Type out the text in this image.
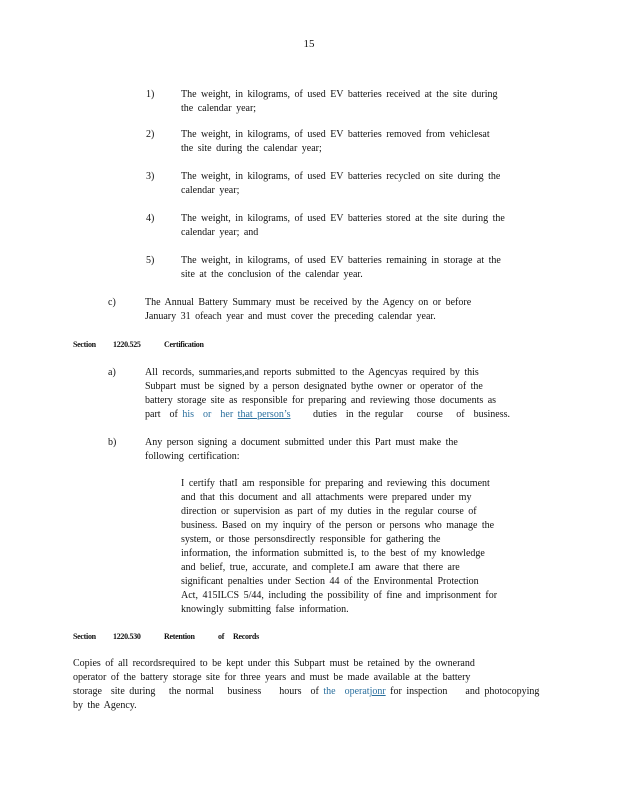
15
1)	The weight, in kilograms, of used EV batteries received at the site during
the calendar year;
2)	The weight, in kilograms, of used EV batteries removed from vehiclesat
the site during the calendar year;
3)	The weight, in kilograms, of used EV batteries recycled on site during the
calendar year;
4)	The weight, in kilograms, of used EV batteries stored at the site during the
calendar year; and
5)	The weight, in kilograms, of used EV batteries remaining in storage at the
site at the conclusion of the calendar year.
c)	The Annual Battery Summary must be received by the Agency on or before
January 31 ofeach year and must cover the preceding calendar year.
Section 1220.525	Certification
a)	All records, summaries,and reports submitted to the Agencyas required by this
Subpart must be signed by a person designated bythe owner or operator of the
battery storage site as responsible for preparing and reviewing those documents as
part  of his  or  her that person’s     duties  in the regular   course   of  business.
b)	Any person signing a document submitted under this Part must make the
following certification:
I certify thatI am responsible for preparing and reviewing this document
and that this document and all attachments were prepared under my
direction or supervision as part of my duties in the regular course of
business. Based on my inquiry of the person or persons who manage the
system, or those personsdirectly responsible for gathering the
information, the information submitted is, to the best of my knowledge
and belief, true, accurate, and complete.I am aware that there are
significant penalties under Section 44 of the Environmental Protection
Act, 415ILCS 5/44, including the possibility of fine and imprisonment for
knowingly submitting false information.
Section 1220.530	Retention	of Records
Copies of all recordsrequired to be kept under this Subpart must be retained by the ownerand
operator of the battery storage site for three years and must be made available at the battery
storage  site during   the normal   business    hours  of the  operatjonr for inspection    and photocopying
by the Agency.
